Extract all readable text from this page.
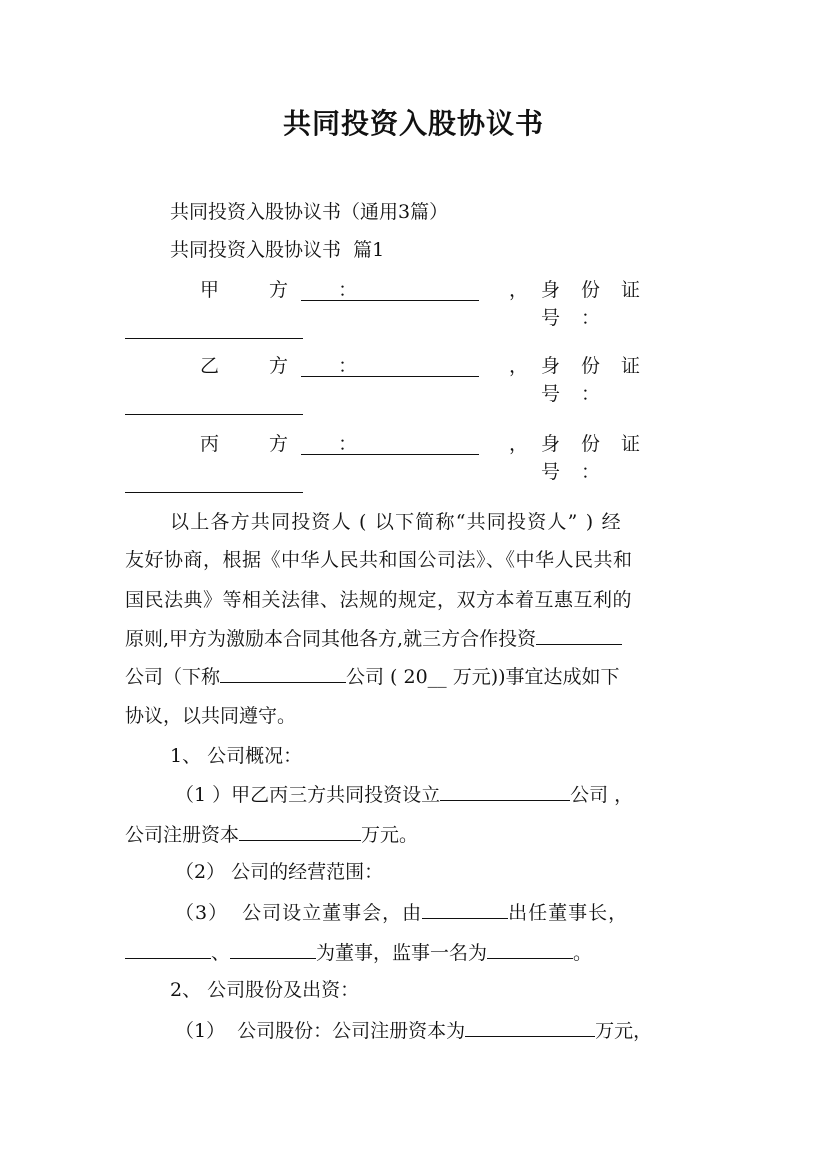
共同投资入股协议书
共同投资入股协议书（通用3篇）
共同投资入股协议书  篇1
甲 方 ：	， 身份证号：
乙 方 ：	， 身份证号：
丙 方 ：	， 身份证号：
以上各方共同投资人 ( 以下简称“共同投资人” ) 经
友好协商，根据《中华人民共和国公司法》、《中华人民共和
国民法典》等相关法律、法规的规定，双方本着互惠互利的
原则,甲方为激励本合同其他各方,就三方合作投资
公司（下称	公司 ( 20__ 万元))事宜达成如下
协议，以共同遵守。
1、 公司概况：
（1 ）甲乙丙三方共同投资设立	公司 ，
公司注册资本	万元。
（2） 公司的经营范围：
（3）  公司设立董事会，由	出任董事长，
、	为董事，监事一名为	。
2、 公司股份及出资：
（1）  公司股份：公司注册资本为	万元，
